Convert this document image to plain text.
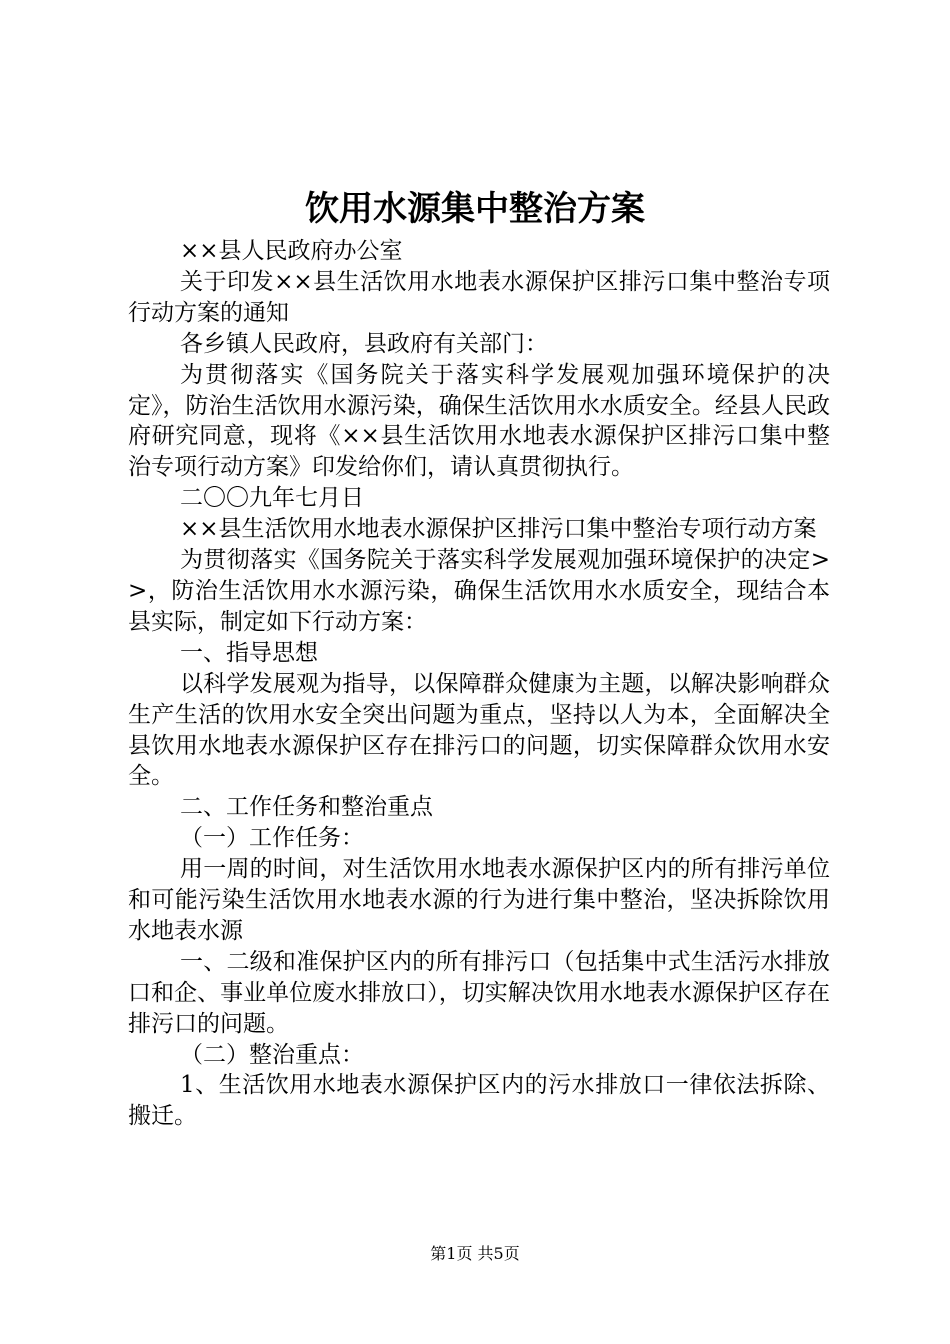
饮用水源集中整治方案

××县人民政府办公室

关于印发××县生活饮用水地表水源保护区排污口集中整治专项行动方案的通知

各乡镇人民政府，县政府有关部门：

为贯彻落实《国务院关于落实科学发展观加强环境保护的决定》，防治生活饮用水源污染，确保生活饮用水水质安全。经县人民政府研究同意，现将《××县生活饮用水地表水源保护区排污口集中整治专项行动方案》印发给你们，请认真贯彻执行。

二〇〇九年七月日

××县生活饮用水地表水源保护区排污口集中整治专项行动方案

为贯彻落实《国务院关于落实科学发展观加强环境保护的决定>>，防治生活饮用水水源污染，确保生活饮用水水质安全，现结合本县实际，制定如下行动方案：

一、指导思想

以科学发展观为指导，以保障群众健康为主题，以解决影响群众生产生活的饮用水安全突出问题为重点，坚持以人为本，全面解决全县饮用水地表水源保护区存在排污口的问题，切实保障群众饮用水安全。

二、工作任务和整治重点

（一）工作任务：

用一周的时间，对生活饮用水地表水源保护区内的所有排污单位和可能污染生活饮用水地表水源的行为进行集中整治，坚决拆除饮用水地表水源

一、二级和准保护区内的所有排污口（包括集中式生活污水排放口和企、事业单位废水排放口），切实解决饮用水地表水源保护区存在排污口的问题。

（二）整治重点：

1、生活饮用水地表水源保护区内的污水排放口一律依法拆除、搬迁。

第1页 共5页
